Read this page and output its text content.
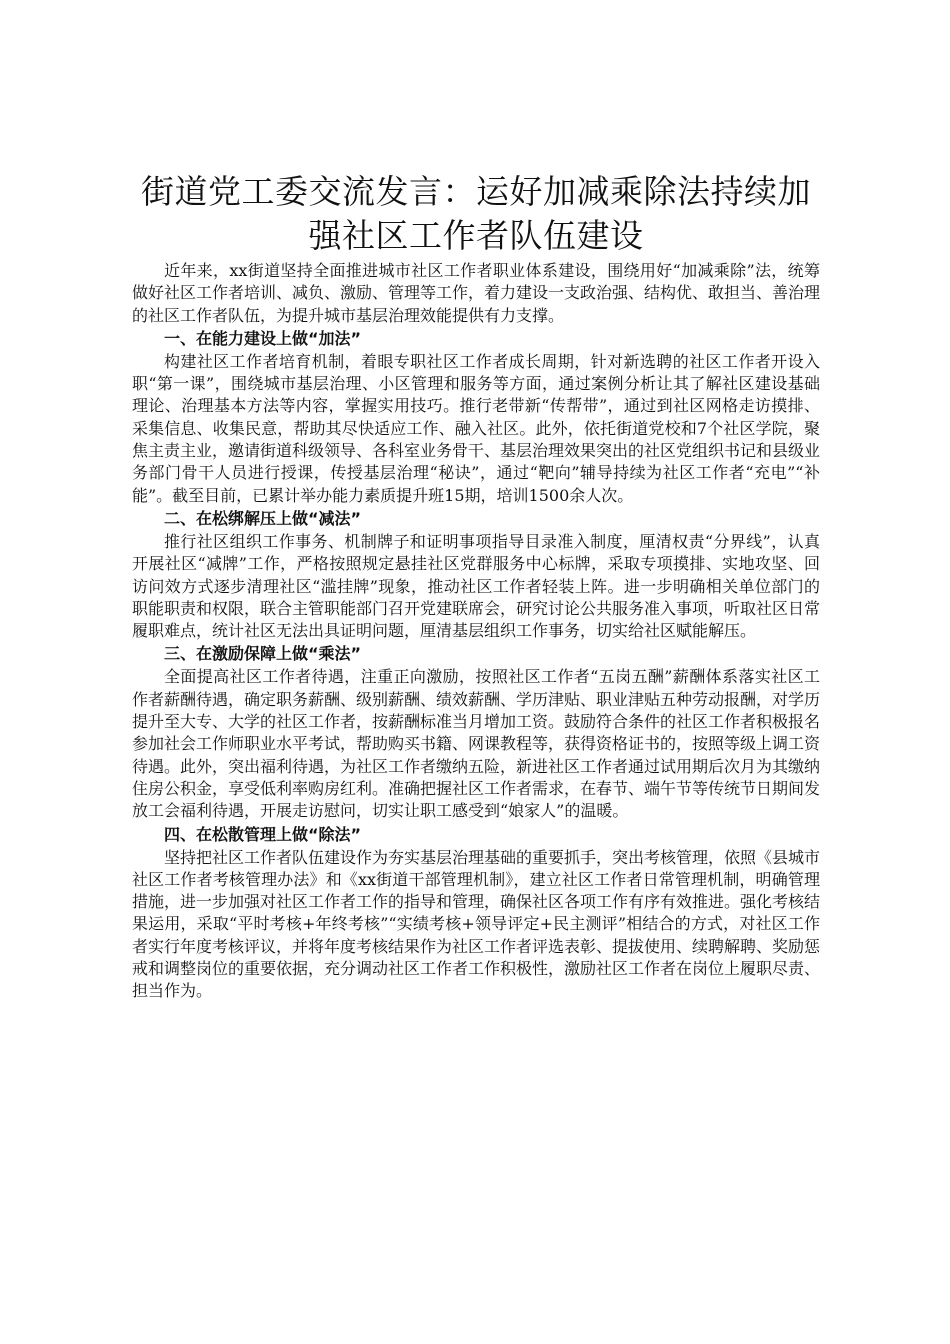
街道党工委交流发言：运好加减乘除法持续加强社区工作者队伍建设

近年来，xx街道坚持全面推进城市社区工作者职业体系建设，围绕用好“加减乘除”法，统筹做好社区工作者培训、减负、激励、管理等工作，着力建设一支政治强、结构优、敢担当、善治理的社区工作者队伍，为提升城市基层治理效能提供有力支撑。

一、在能力建设上做“加法”

构建社区工作者培育机制，着眼专职社区工作者成长周期，针对新选聘的社区工作者开设入职“第一课”，围绕城市基层治理、小区管理和服务等方面，通过案例分析让其了解社区建设基础理论、治理基本方法等内容，掌握实用技巧。推行老带新“传帮带”，通过到社区网格走访摸排、采集信息、收集民意，帮助其尽快适应工作、融入社区。此外，依托街道党校和7个社区学院，聚焦主责主业，邀请街道科级领导、各科室业务骨干、基层治理效果突出的社区党组织书记和县级业务部门骨干人员进行授课，传授基层治理“秘诀”，通过“靶向”辅导持续为社区工作者“充电”“补能”。截至目前，已累计举办能力素质提升班15期，培训1500余人次。

二、在松绑解压上做“减法”

推行社区组织工作事务、机制牌子和证明事项指导目录准入制度，厘清权责“分界线”，认真开展社区“减牌”工作，严格按照规定悬挂社区党群服务中心标牌，采取专项摸排、实地攻坚、回访问效方式逐步清理社区“滥挂牌”现象，推动社区工作者轻装上阵。进一步明确相关单位部门的职能职责和权限，联合主管职能部门召开党建联席会，研究讨论公共服务准入事项，听取社区日常履职难点，统计社区无法出具证明问题，厘清基层组织工作事务，切实给社区赋能解压。

三、在激励保障上做“乘法”

全面提高社区工作者待遇，注重正向激励，按照社区工作者“五岗五酬”薪酬体系落实社区工作者薪酬待遇，确定职务薪酬、级别薪酬、绩效薪酬、学历津贴、职业津贴五种劳动报酬，对学历提升至大专、大学的社区工作者，按薪酬标准当月增加工资。鼓励符合条件的社区工作者积极报名参加社会工作师职业水平考试，帮助购买书籍、网课教程等，获得资格证书的，按照等级上调工资待遇。此外，突出福利待遇，为社区工作者缴纳五险，新进社区工作者通过试用期后次月为其缴纳住房公积金，享受低利率购房红利。准确把握社区工作者需求，在春节、端午节等传统节日期间发放工会福利待遇，开展走访慰问，切实让职工感受到“娘家人”的温暖。

四、在松散管理上做“除法”

坚持把社区工作者队伍建设作为夯实基层治理基础的重要抓手，突出考核管理，依照《县城市社区工作者考核管理办法》和《xx街道干部管理机制》，建立社区工作者日常管理机制，明确管理措施，进一步加强对社区工作者工作的指导和管理，确保社区各项工作有序有效推进。强化考核结果运用，采取“平时考核+年终考核”“实绩考核+领导评定+民主测评”相结合的方式，对社区工作者实行年度考核评议，并将年度考核结果作为社区工作者评选表彰、提拔使用、续聘解聘、奖励惩戒和调整岗位的重要依据，充分调动社区工作者工作积极性，激励社区工作者在岗位上履职尽责、担当作为。
